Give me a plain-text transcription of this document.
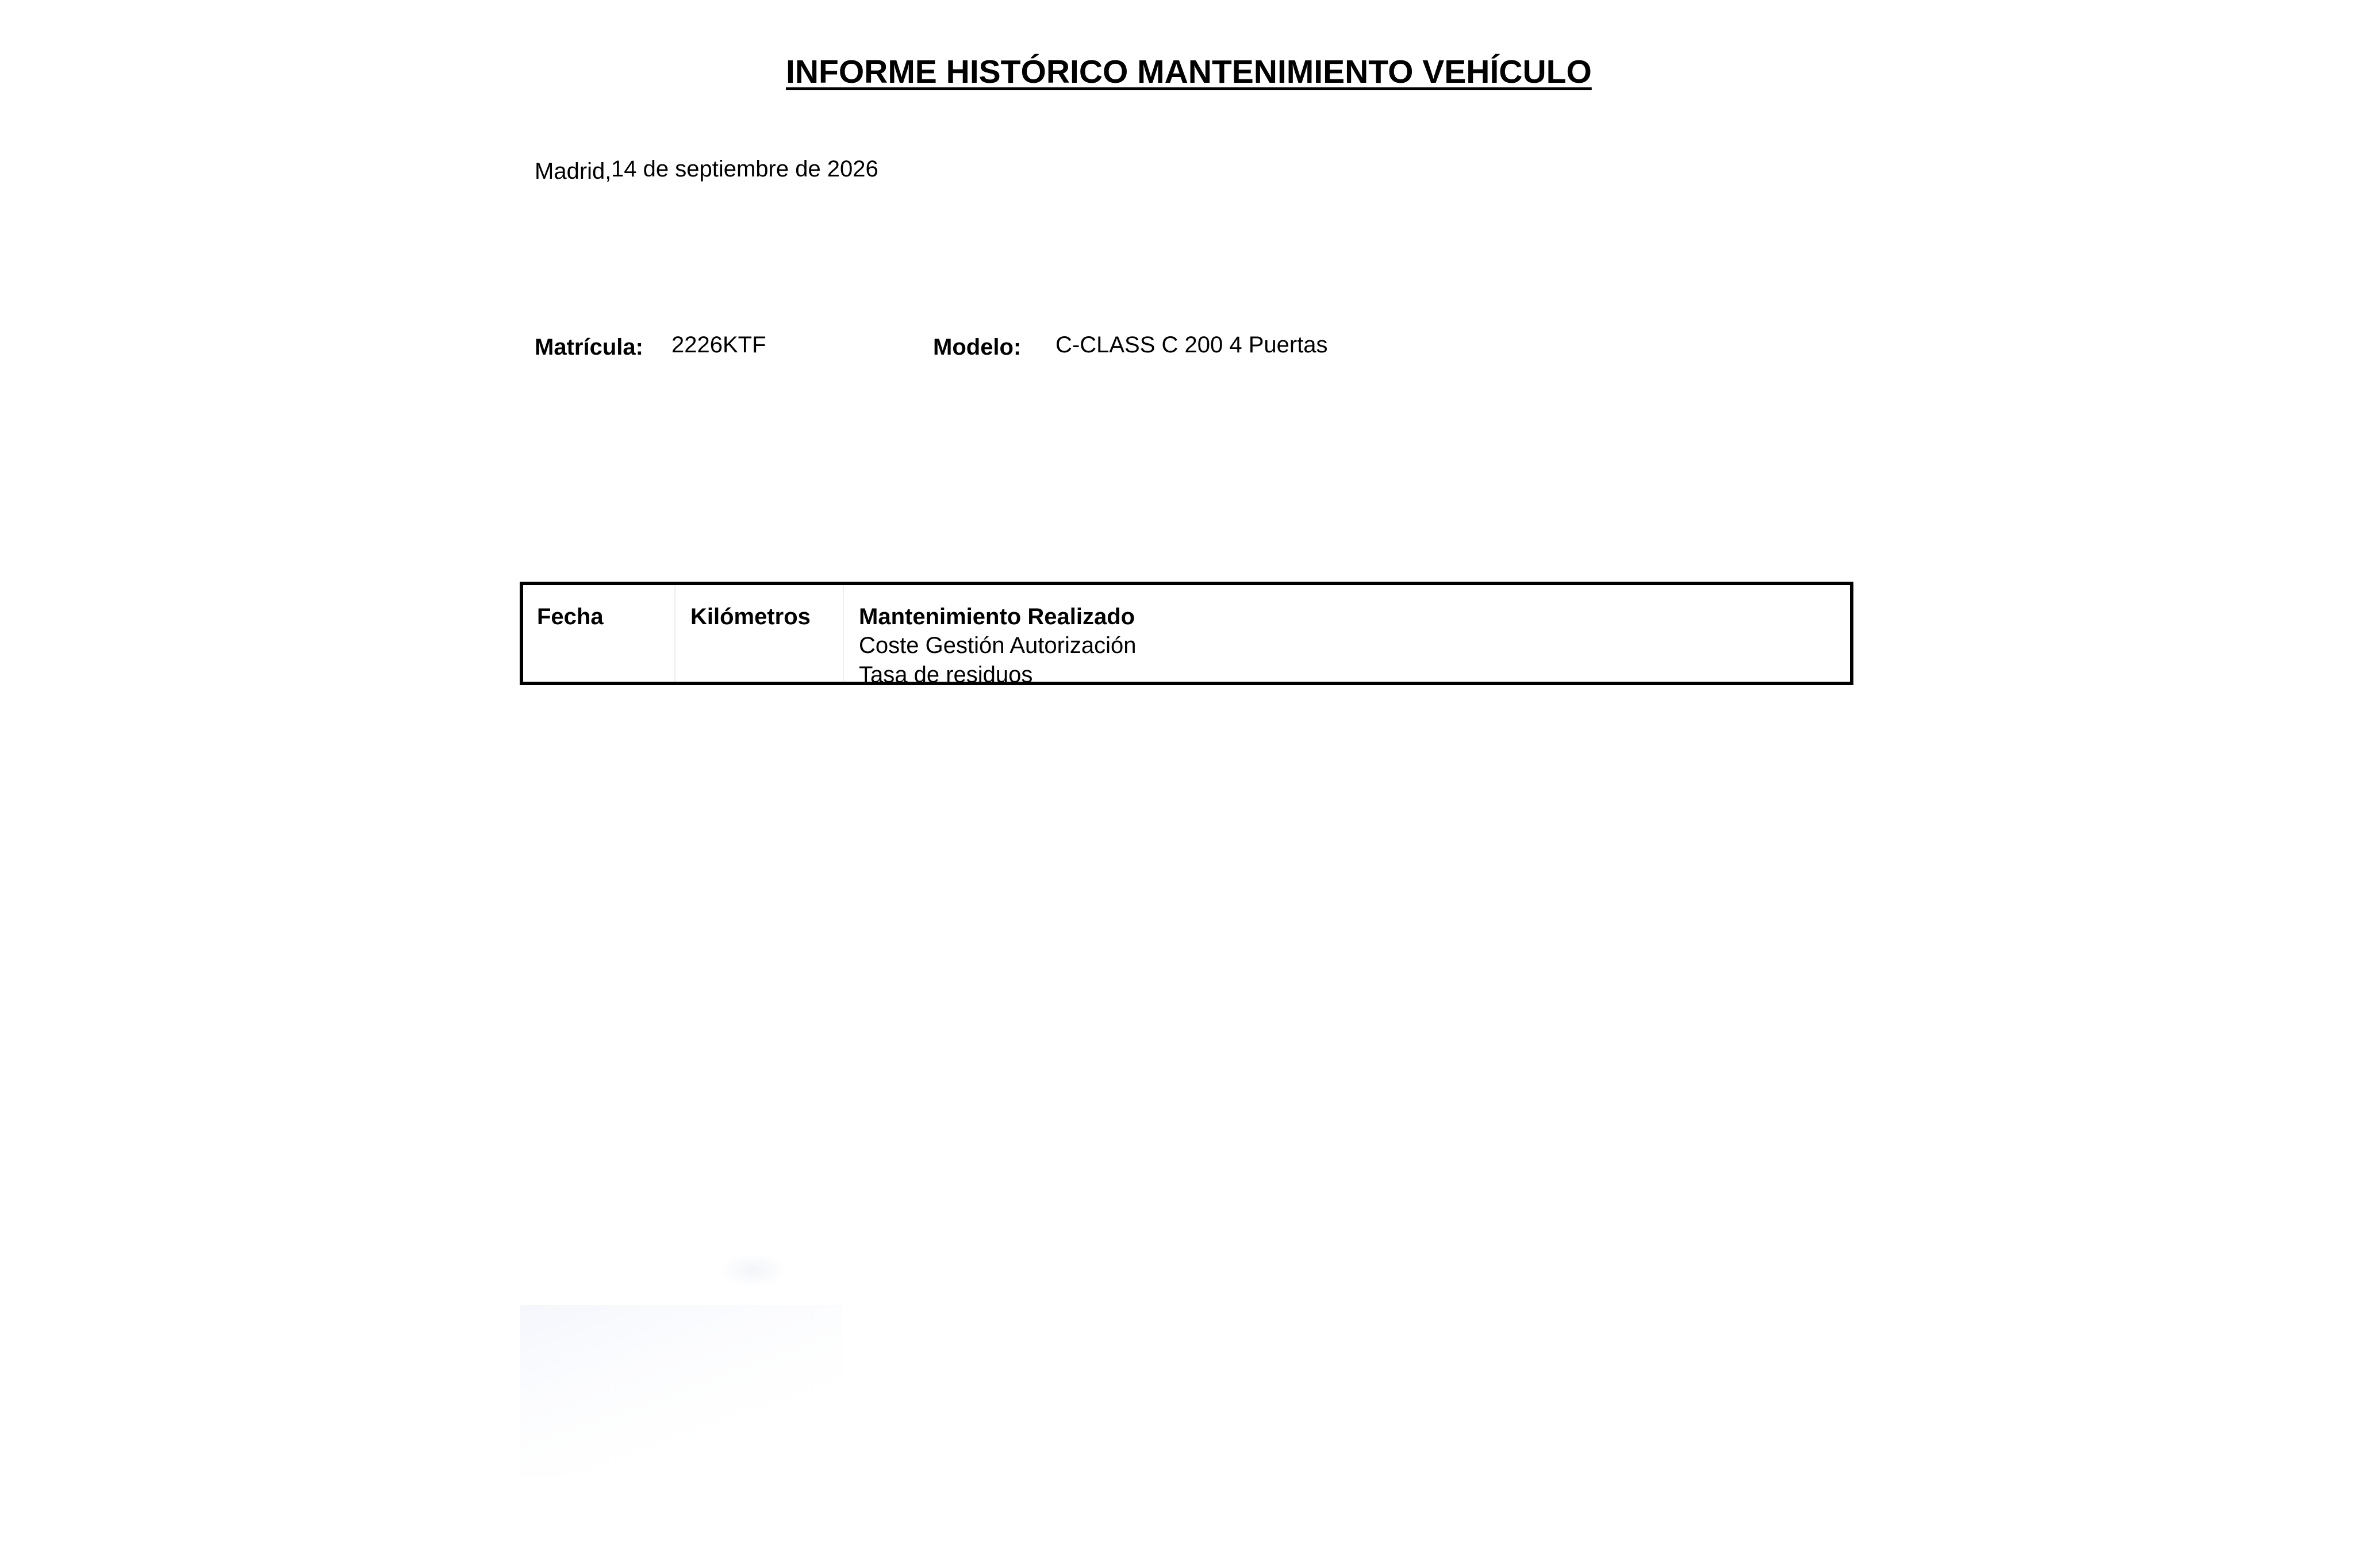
INFORME HISTÓRICO MANTENIMIENTO VEHÍCULO
Madrid, 14 de septiembre de 2026
Matrícula: 2226KTF	Modelo: C-CLASS C 200 4 Puertas
Fecha	Kilómetros	Mantenimiento Realizado
Coste Gestión Autorización
Tasa de residuos
